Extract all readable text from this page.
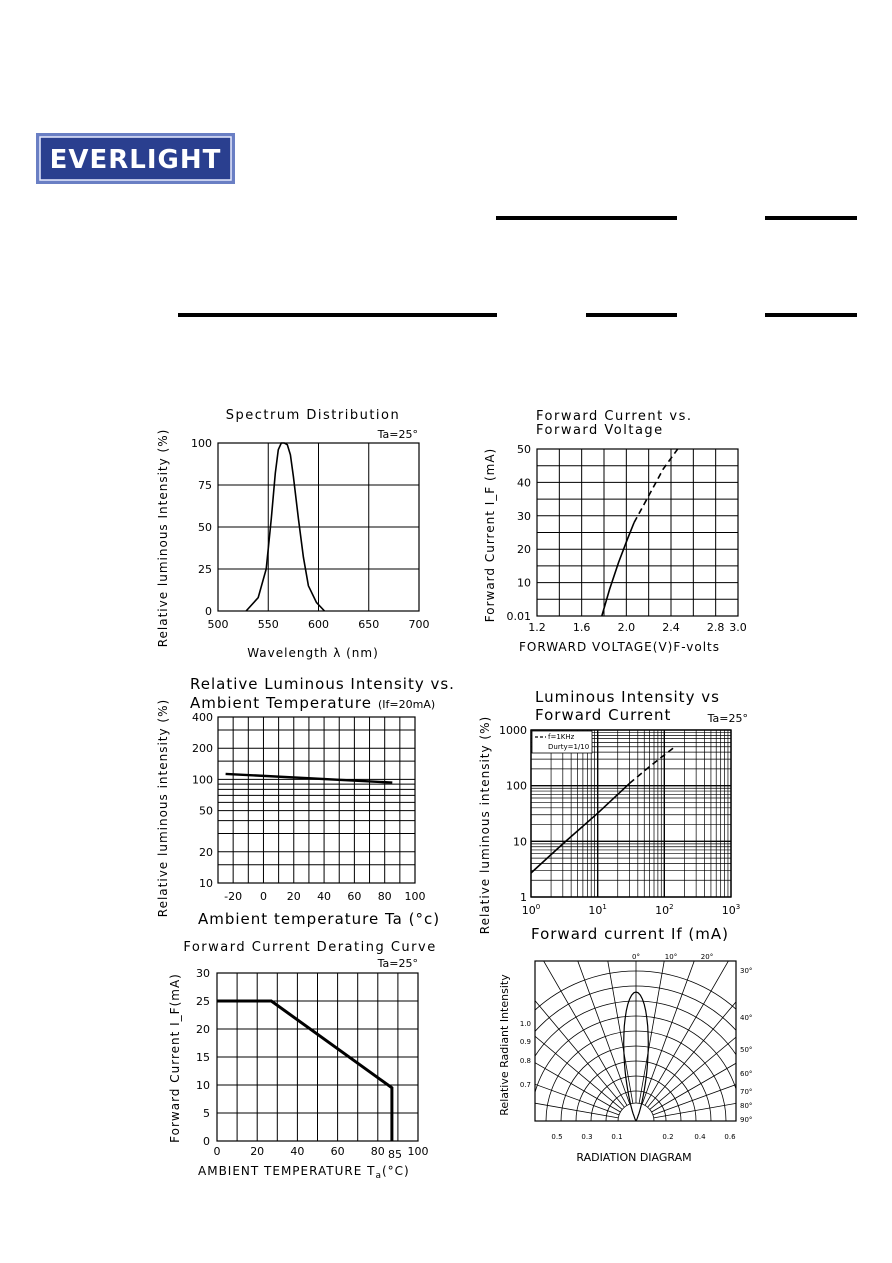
EVERLIGHT
Spectrum Distribution
Ta=25°
500	550	600	650	700
0
25
50
75
100
Wavelength λ (nm)
Relative luminous Intensity (%)
Forward Current vs.
Forward Voltage
1.2 1.6 2.0 2.4 2.8 3.0
0.01
10
20
30
40
50
FORWARD VOLTAGE(V)F-volts
Forward Current I_F (mA)
Relative Luminous Intensity vs.
Ambient Temperature (If=20mA)
-20 0 20 40 60 80 100
10
20
50
100
200
400
Ambient temperature Ta (°c)
Relative luminous intensity (%)
Luminous Intensity vs
Forward Current	Ta=25°
$10^0$	$10^1$	$10^2$	$10^3$
1
10
100
1000	f=1KHz
Durty=1/10
Forward current If (mA)
Relative luminous intensity (%)
Forward Current Derating Curve
Ta=25°
0	20 40 60 80 100
0
5
10
15
20
25
30
85
AMBIENT TEMPERATURE $T_a(^\circ C)$
Forward Current I_F(mA)
0°	10°	20°
30°
40°
50°
60°
70°
80°
90°
1.0
0.9
0.8
0.7
0.5	0.3	0.1	0.2	0.4	0.6
RADIATION DIAGRAM
Relative Radiant Intensity
